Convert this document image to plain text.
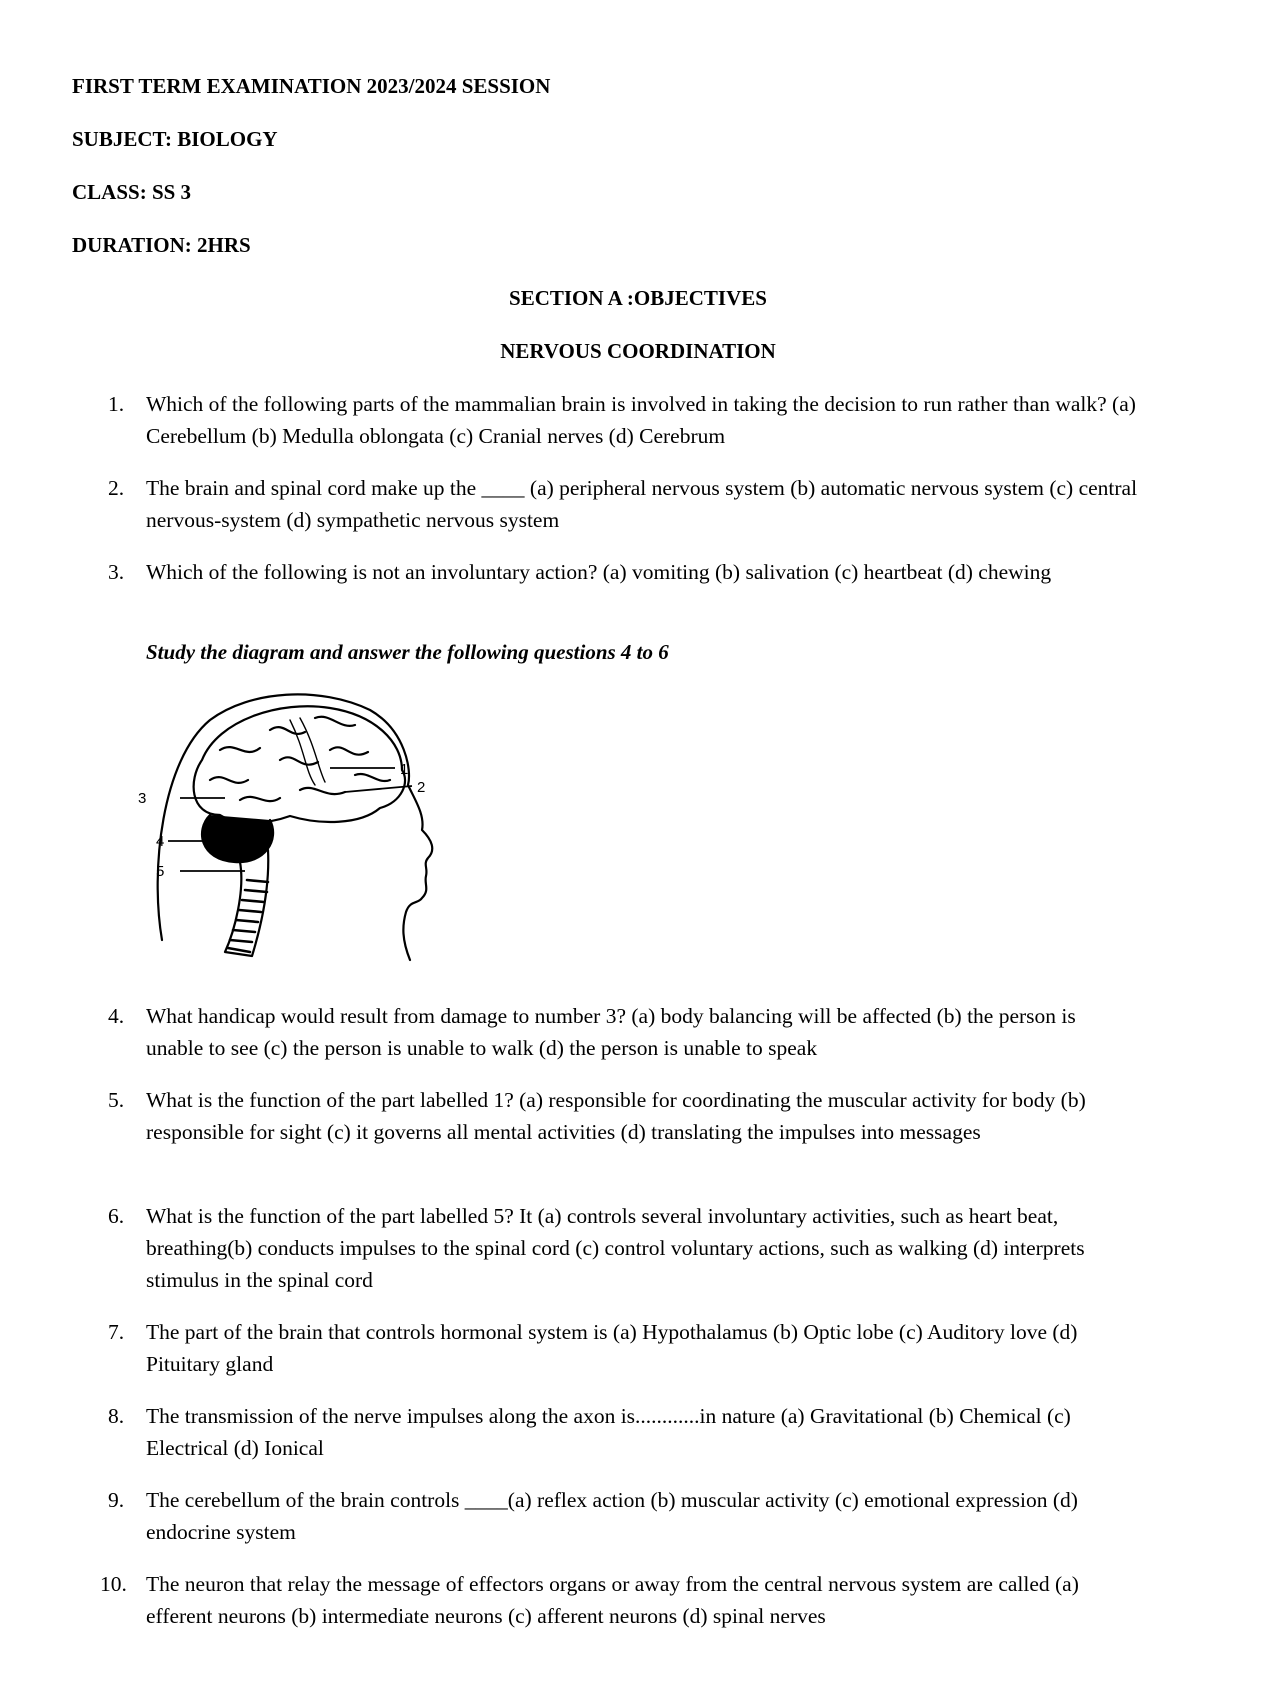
FIRST TERM EXAMINATION 2023/2024 SESSION

SUBJECT: BIOLOGY

CLASS: SS 3

DURATION: 2HRS

SECTION A :OBJECTIVES

NERVOUS COORDINATION

1. Which of the following parts of the mammalian brain is involved in taking the decision to run rather than walk? (a) Cerebellum (b) Medulla oblongata (c) Cranial nerves (d) Cerebrum
2. The brain and spinal cord make up the ____ (a) peripheral nervous system (b) automatic nervous system (c) central nervous-system (d) sympathetic nervous system
3. Which of the following is not an involuntary action? (a) vomiting (b) salivation (c) heartbeat (d) chewing
Study the diagram and answer the following questions 4 to 6
1
2
3
4
5
4. What handicap would result from damage to number 3? (a) body balancing will be affected (b) the person is unable to see (c) the person is unable to walk (d) the person is unable to speak
5. What is the function of the part labelled 1? (a) responsible for coordinating the muscular activity for body (b) responsible for sight (c) it governs all mental activities (d) translating the impulses into messages
6. What is the function of the part labelled 5? It (a) controls several involuntary activities, such as heart beat, breathing(b) conducts impulses to the spinal cord (c) control voluntary actions, such as walking (d) interprets stimulus in the spinal cord
7. The part of the brain that controls hormonal system is (a) Hypothalamus (b) Optic lobe (c) Auditory love (d) Pituitary gland
8. The transmission of the nerve impulses along the axon is............in nature (a) Gravitational (b) Chemical (c) Electrical (d) Ionical
9. The cerebellum of the brain controls ____(a) reflex action (b) muscular activity (c) emotional expression (d) endocrine system
10. The neuron that relay the message of effectors organs or away from the central nervous system are called (a) efferent neurons (b) intermediate neurons (c) afferent neurons (d) spinal nerves
